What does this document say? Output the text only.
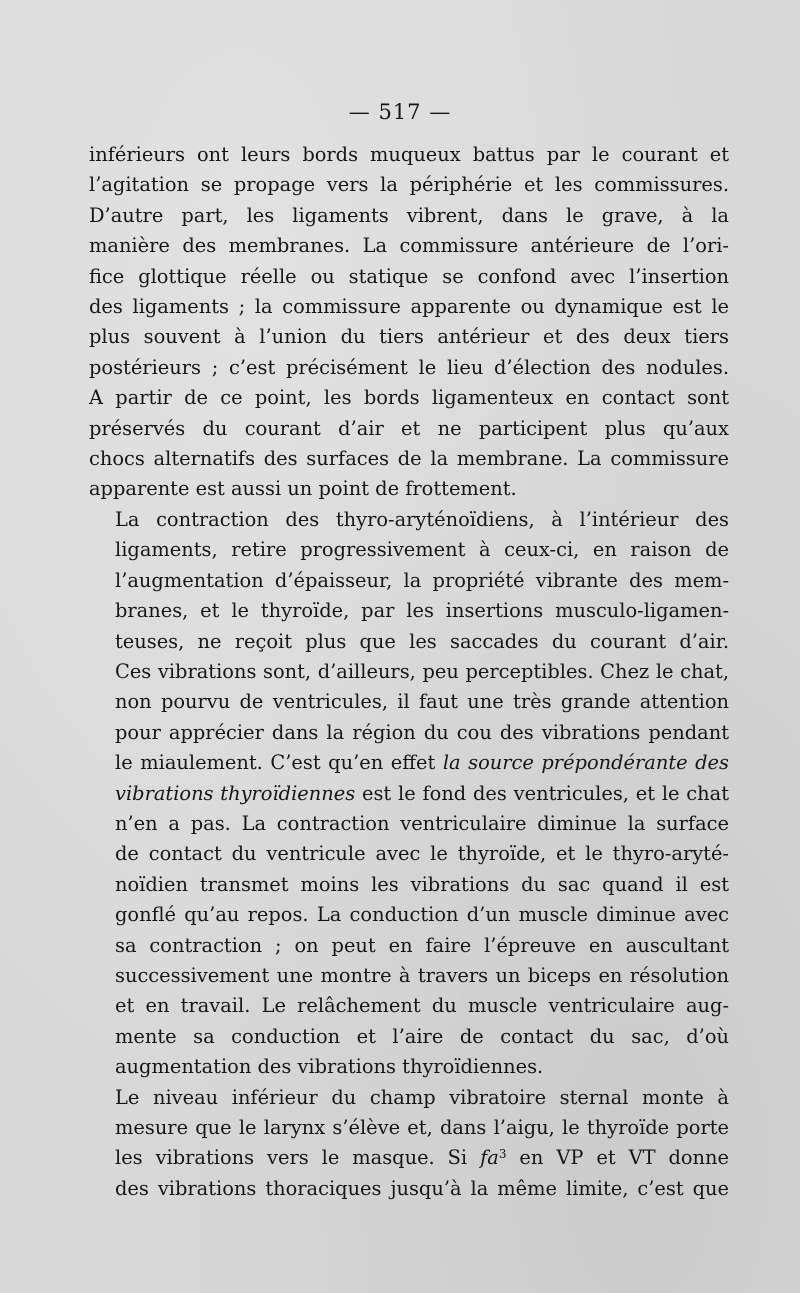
— 517 —
inférieurs ont leurs bords muqueux battus par le courant et
l’agitation se propage vers la périphérie et les commissures.
D’autre part, les ligaments vibrent, dans le grave, à la
manière des membranes. La commissure antérieure de l’ori-
fice glottique réelle ou statique se confond avec l’insertion
des ligaments ; la commissure apparente ou dynamique est le
plus souvent à l’union du tiers antérieur et des deux tiers
postérieurs ; c’est précisément le lieu d’élection des nodules.
A partir de ce point, les bords ligamenteux en contact sont
préservés du courant d’air et ne participent plus qu’aux
chocs alternatifs des surfaces de la membrane. La commissure
apparente est aussi un point de frottement.
La contraction des thyro-aryténoïdiens, à l’intérieur des
ligaments, retire progressivement à ceux-ci, en raison de
l’augmentation d’épaisseur, la propriété vibrante des mem-
branes, et le thyroïde, par les insertions musculo-ligamen-
teuses, ne reçoit plus que les saccades du courant d’air.
Ces vibrations sont, d’ailleurs, peu perceptibles. Chez le chat,
non pourvu de ventricules, il faut une très grande attention
pour apprécier dans la région du cou des vibrations pendant
le miaulement. C’est qu’en effet la source prépondérante des
vibrations thyroïdiennes est le fond des ventricules, et le chat
n’en a pas. La contraction ventriculaire diminue la surface
de contact du ventricule avec le thyroïde, et le thyro-aryté-
noïdien transmet moins les vibrations du sac quand il est
gonflé qu’au repos. La conduction d’un muscle diminue avec
sa contraction ; on peut en faire l’épreuve en auscultant
successivement une montre à travers un biceps en résolution
et en travail. Le relâchement du muscle ventriculaire aug-
mente sa conduction et l’aire de contact du sac, d’où
augmentation des vibrations thyroïdiennes.
Le niveau inférieur du champ vibratoire sternal monte à
mesure que le larynx s’élève et, dans l’aigu, le thyroïde porte
les vibrations vers le masque. Si $fa^3$ en VP et VT donne
des vibrations thoraciques jusqu’à la même limite, c’est que
